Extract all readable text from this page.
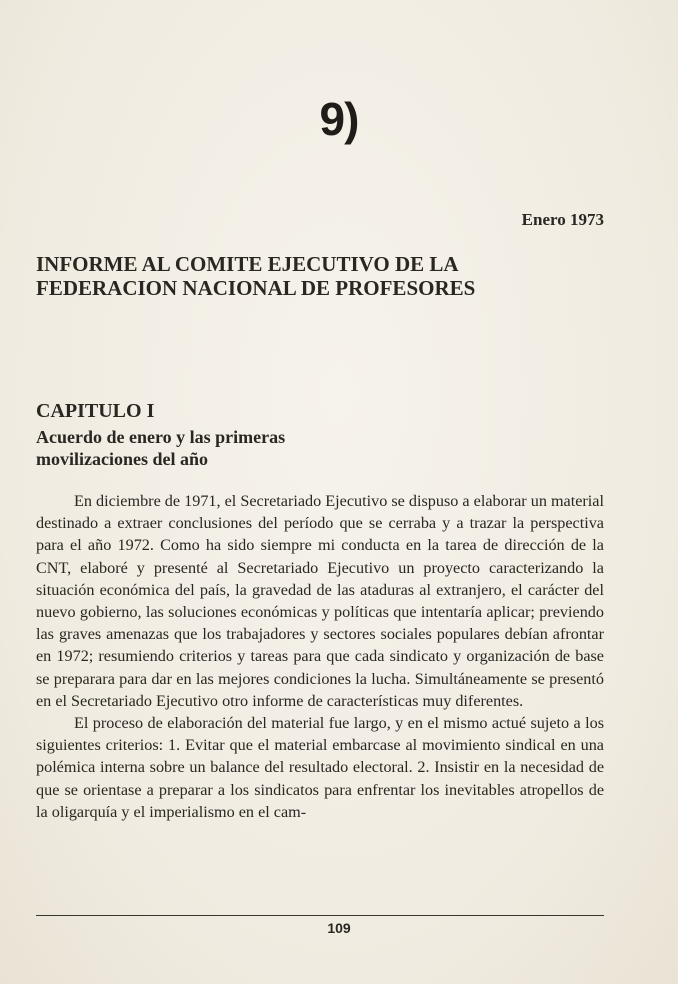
9)
Enero 1973
INFORME AL COMITE EJECUTIVO DE LA
FEDERACION NACIONAL DE PROFESORES
CAPITULO I
Acuerdo de enero y las primeras
movilizaciones del año

En diciembre de 1971, el Secretariado Ejecutivo se dispuso a elaborar un material destinado a extraer conclusiones del período que se cerraba y a trazar la perspectiva para el año 1972. Como ha sido siempre mi conducta en la tarea de dirección de la CNT, elaboré y presenté al Secretariado Ejecutivo un proyecto caracterizando la situación económica del país, la gravedad de las ataduras al extranjero, el carácter del nuevo gobierno, las soluciones económicas y políticas que intentaría aplicar; previendo las graves amenazas que los trabajadores y sectores sociales populares debían afrontar en 1972; resumiendo criterios y tareas para que cada sindicato y organización de base se preparara para dar en las mejores condiciones la lucha. Simultáneamente se presentó en el Secretariado Ejecutivo otro informe de características muy diferentes.

El proceso de elaboración del material fue largo, y en el mismo actué sujeto a los siguientes criterios: 1. Evitar que el material embarcase al movimiento sindical en una polémica interna sobre un balance del resultado electoral. 2. Insistir en la necesidad de que se orientase a preparar a los sindicatos para enfrentar los inevitables atropellos de la oligarquía y el imperialismo en el cam-

109
